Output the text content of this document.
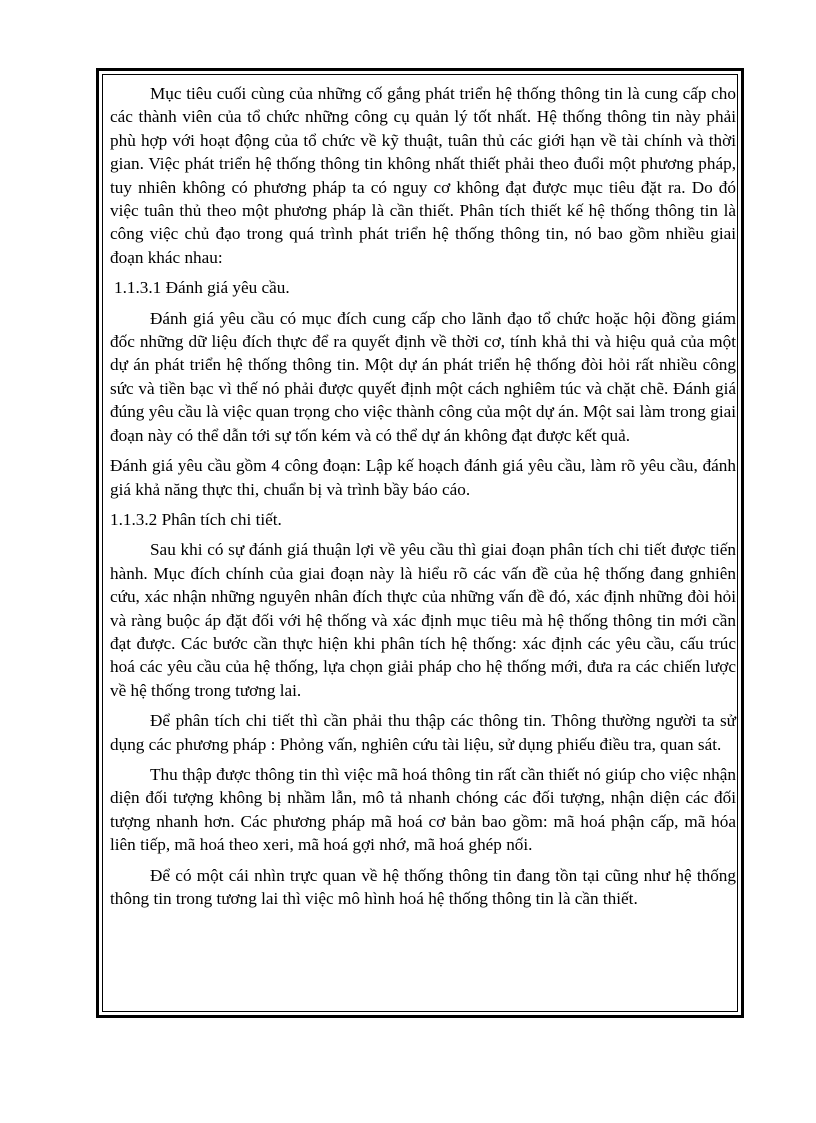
Mục tiêu cuối cùng của những cố gắng phát triển hệ thống thông tin là cung cấp cho các thành viên của tổ chức những công cụ quản lý tốt nhất. Hệ thống thông tin này phải phù hợp với hoạt động của tổ chức về kỹ thuật, tuân thủ các giới hạn về tài chính và thời gian. Việc phát triển hệ thống thông tin không nhất thiết phải theo đuổi một phương pháp, tuy nhiên không có phương pháp ta có nguy cơ không đạt được mục tiêu đặt ra. Do đó việc tuân thủ theo một phương pháp là cần thiết. Phân tích thiết kế hệ thống thông tin là công việc chủ đạo trong quá trình phát triển hệ thống thông tin, nó bao gồm nhiều giai đoạn khác nhau:

1.1.3.1 Đánh giá yêu cầu.

Đánh giá yêu cầu có mục đích cung cấp cho lãnh đạo tổ chức hoặc hội đồng giám đốc những dữ liệu đích thực để ra quyết định về thời cơ, tính khả thi và hiệu quả của một dự án phát triển hệ thống thông tin. Một dự án phát triển hệ thống đòi hỏi rất nhiều công sức và tiền bạc vì thế nó phải được quyết định một cách nghiêm túc và chặt chẽ. Đánh giá đúng yêu cầu là việc quan trọng cho việc thành công của một dự án. Một sai làm trong giai đoạn này có thể dẫn tới sự tốn kém và có thể dự án không đạt được kết quả.

Đánh giá yêu cầu gồm 4 công đoạn: Lập kế hoạch đánh giá yêu cầu, làm rõ yêu cầu, đánh giá khả năng thực thi, chuẩn bị và trình bầy báo cáo.

1.1.3.2 Phân tích chi tiết.

Sau khi có sự đánh giá thuận lợi về yêu cầu thì giai đoạn phân tích chi tiết được tiến hành. Mục đích chính của giai đoạn này là hiểu rõ các vấn đề của hệ thống đang gnhiên cứu, xác nhận những nguyên nhân đích thực của những vấn đề đó, xác định những đòi hỏi và ràng buộc áp đặt đối với hệ thống và xác định mục tiêu mà hệ thống thông tin mới cần đạt được. Các bước cần thực hiện khi phân tích hệ thống: xác định các yêu cầu, cấu trúc hoá các yêu cầu của hệ thống, lựa chọn giải pháp cho hệ thống mới, đưa ra các chiến lược về hệ thống trong tương lai.

Để phân tích chi tiết thì cần phải thu thập các thông tin. Thông thường người ta sử dụng các phương pháp : Phỏng vấn, nghiên cứu tài liệu, sử dụng phiếu điều tra, quan sát.

Thu thập được thông tin thì việc mã hoá thông tin rất cần thiết nó giúp cho việc nhận diện đối tượng không bị nhầm lẫn, mô tả nhanh chóng các đối tượng, nhận diện các đối tượng nhanh hơn. Các phương pháp mã hoá cơ bản bao gồm: mã hoá phận cấp, mã hóa liên tiếp, mã hoá theo xeri, mã hoá gợi nhớ, mã hoá ghép nối.

Để có một cái nhìn trực quan về hệ thống thông tin đang tồn tại cũng như hệ thống thông tin trong tương lai thì việc mô hình hoá hệ thống thông tin là cần thiết.
